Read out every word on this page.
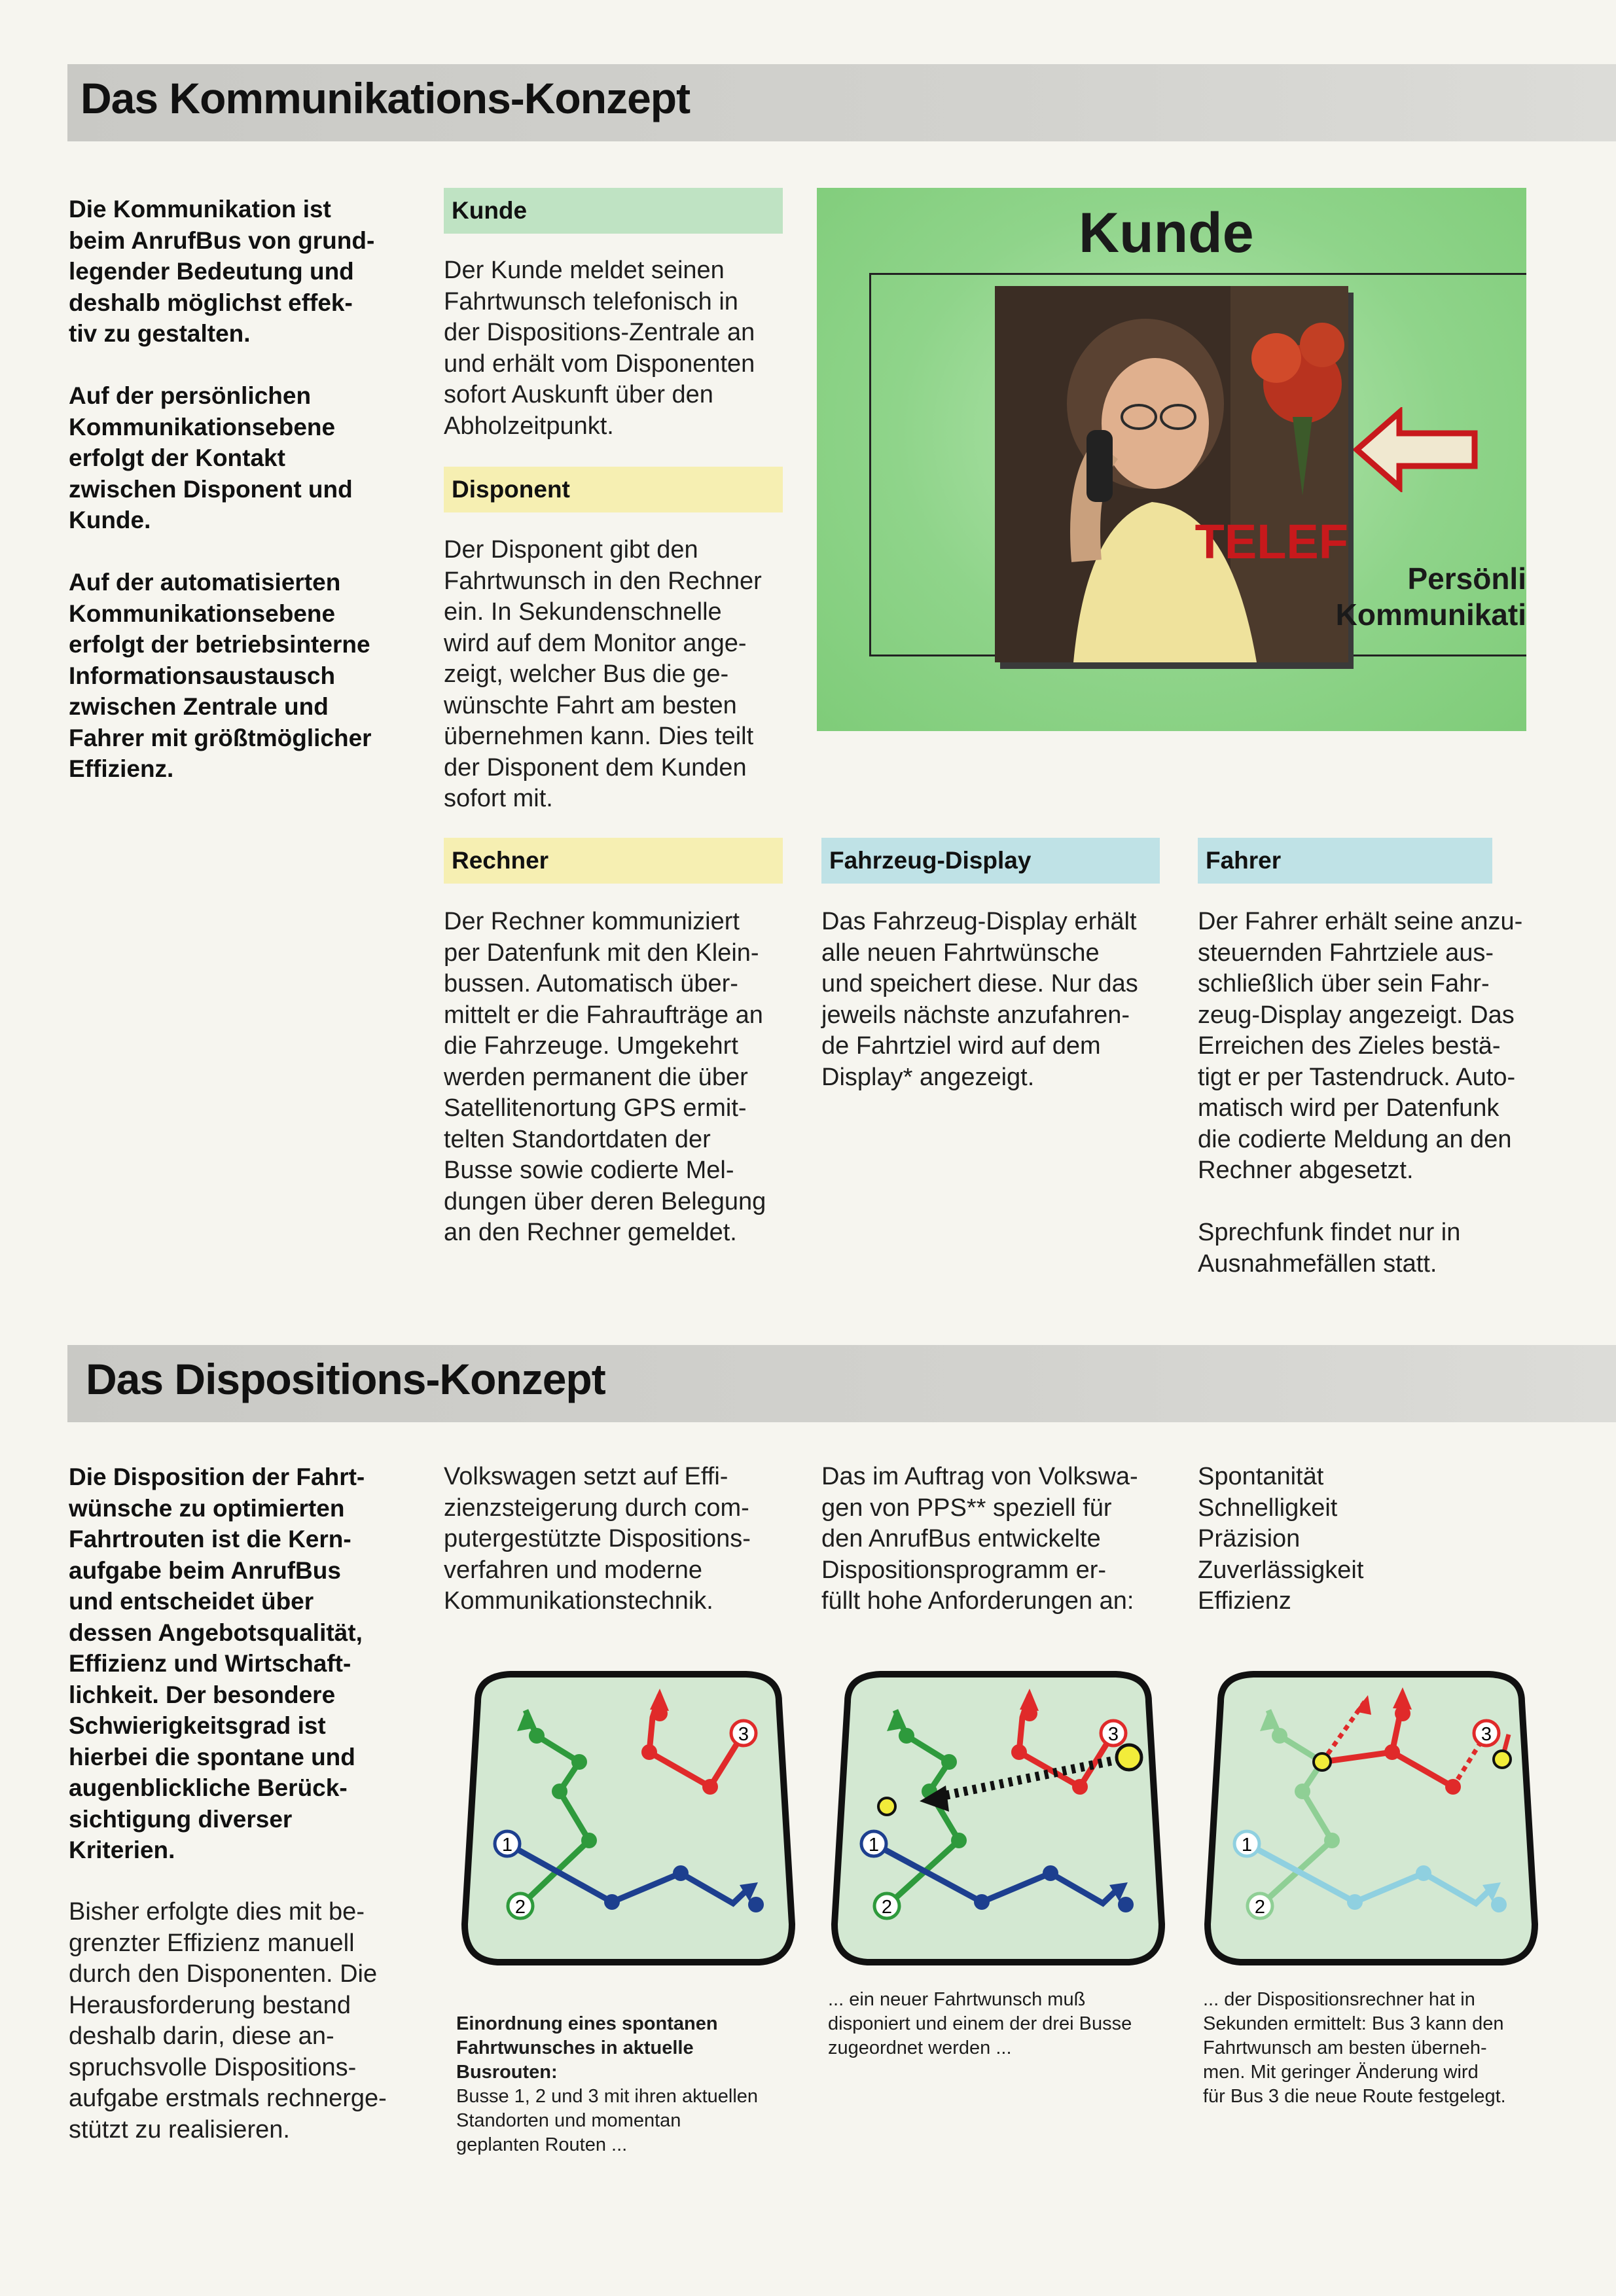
Das Kommunikations-Konzept
Die Kommunikation ist
beim AnrufBus von grund-
legender Bedeutung und
deshalb möglichst effek-
tiv zu gestalten.

Auf der persönlichen
Kommunikationsebene
erfolgt der Kontakt
zwischen Disponent und
Kunde.

Auf der automatisierten
Kommunikationsebene
erfolgt der betriebsinterne
Informationsaustausch
zwischen Zentrale und
Fahrer mit größtmöglicher
Effizienz.
Kunde
Der Kunde meldet seinen
Fahrtwunsch telefonisch in
der Dispositions-Zentrale an
und erhält vom Disponenten
sofort Auskunft über den
Abholzeitpunkt.
Disponent
Der Disponent gibt den
Fahrtwunsch in den Rechner
ein. In Sekundenschnelle
wird auf dem Monitor ange-
zeigt, welcher Bus die ge-
wünschte Fahrt am besten
übernehmen kann. Dies teilt
der Disponent dem Kunden
sofort mit.
Kunde
TELEF
Persönli
Kommunikati
Rechner
Der Rechner kommuniziert
per Datenfunk mit den Klein-
bussen. Automatisch über-
mittelt er die Fahraufträge an
die Fahrzeuge. Umgekehrt
werden permanent die über
Satellitenortung GPS ermit-
telten Standortdaten der
Busse sowie codierte Mel-
dungen über deren Belegung
an den Rechner gemeldet.
Fahrzeug-Display
Das Fahrzeug-Display erhält
alle neuen Fahrtwünsche
und speichert diese. Nur das
jeweils nächste anzufahren-
de Fahrtziel wird auf dem
Display* angezeigt.
Fahrer
Der Fahrer erhält seine anzu-
steuernden Fahrtziele aus-
schließlich über sein Fahr-
zeug-Display angezeigt. Das
Erreichen des Zieles bestä-
tigt er per Tastendruck. Auto-
matisch wird per Datenfunk
die codierte Meldung an den
Rechner abgesetzt.

Sprechfunk findet nur in
Ausnahmefällen statt.
Das Dispositions-Konzept
Die Disposition der Fahrt-
wünsche zu optimierten
Fahrtrouten ist die Kern-
aufgabe beim AnrufBus
und entscheidet über
dessen Angebotsqualität,
Effizienz und Wirtschaft-
lichkeit. Der besondere
Schwierigkeitsgrad ist
hierbei die spontane und
augenblickliche Berück-
sichtigung diverser
Kriterien.
Bisher erfolgte dies mit be-
grenzter Effizienz manuell
durch den Disponenten. Die
Herausforderung bestand
deshalb darin, diese an-
spruchsvolle Dispositions-
aufgabe erstmals rechnerge-
stützt zu realisieren.
Volkswagen setzt auf Effi-
zienzsteigerung durch com-
putergestützte Dispositions-
verfahren und moderne
Kommunikationstechnik.
Das im Auftrag von Volkswa-
gen von PPS** speziell für
den AnrufBus entwickelte
Dispositionsprogramm er-
füllt hohe Anforderungen an:
Spontanität
Schnelligkeit
Präzision
Zuverlässigkeit
Effizienz
1
2
3
1
2
3
1
2
3

Einordnung eines spontanen
Fahrtwunsches in aktuelle
Busrouten:

Busse 1, 2 und 3 mit ihren aktuellen
Standorten und momentan
geplanten Routen ...

... ein neuer Fahrtwunsch muß
disponiert und einem der drei Busse
zugeordnet werden ...
... der Dispositionsrechner hat in
Sekunden ermittelt: Bus 3 kann den
Fahrtwunsch am besten überneh-
men. Mit geringer Änderung wird
für Bus 3 die neue Route festgelegt.
